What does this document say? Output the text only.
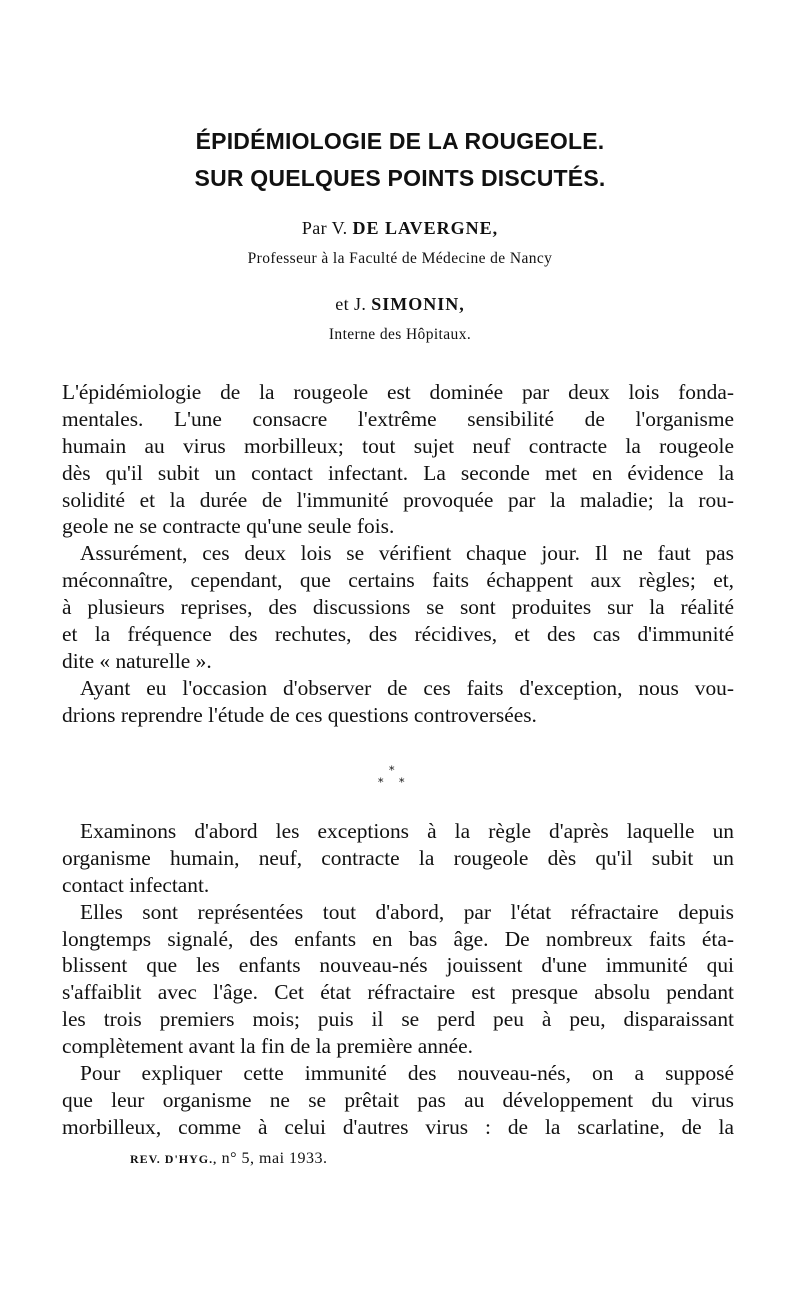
ÉPIDÉMIOLOGIE DE LA ROUGEOLE.
SUR QUELQUES POINTS DISCUTÉS.
Par V. DE LAVERGNE,
Professeur à la Faculté de Médecine de Nancy
et J. SIMONIN,
Interne des Hôpitaux.
L'épidémiologie de la rougeole est dominée par deux lois fonda-
mentales. L'une consacre l'extrême sensibilité de l'organisme
humain au virus morbilleux; tout sujet neuf contracte la rougeole
dès qu'il subit un contact infectant. La seconde met en évidence la
solidité et la durée de l'immunité provoquée par la maladie; la rou-
geole ne se contracte qu'une seule fois.
Assurément, ces deux lois se vérifient chaque jour. Il ne faut pas
méconnaître, cependant, que certains faits échappent aux règles; et,
à plusieurs reprises, des discussions se sont produites sur la réalité
et la fréquence des rechutes, des récidives, et des cas d'immunité
dite « naturelle ».
Ayant eu l'occasion d'observer de ces faits d'exception, nous vou-
drions reprendre l'étude de ces questions controversées.
*
* *
Examinons d'abord les exceptions à la règle d'après laquelle un
organisme humain, neuf, contracte la rougeole dès qu'il subit un
contact infectant.
Elles sont représentées tout d'abord, par l'état réfractaire depuis
longtemps signalé, des enfants en bas âge. De nombreux faits éta-
blissent que les enfants nouveau-nés jouissent d'une immunité qui
s'affaiblit avec l'âge. Cet état réfractaire est presque absolu pendant
les trois premiers mois; puis il se perd peu à peu, disparaissant
complètement avant la fin de la première année.
Pour expliquer cette immunité des nouveau-nés, on a supposé
que leur organisme ne se prêtait pas au développement du virus
morbilleux, comme à celui d'autres virus : de la scarlatine, de la
REV. D'HYG., n° 5, mai 1933.
